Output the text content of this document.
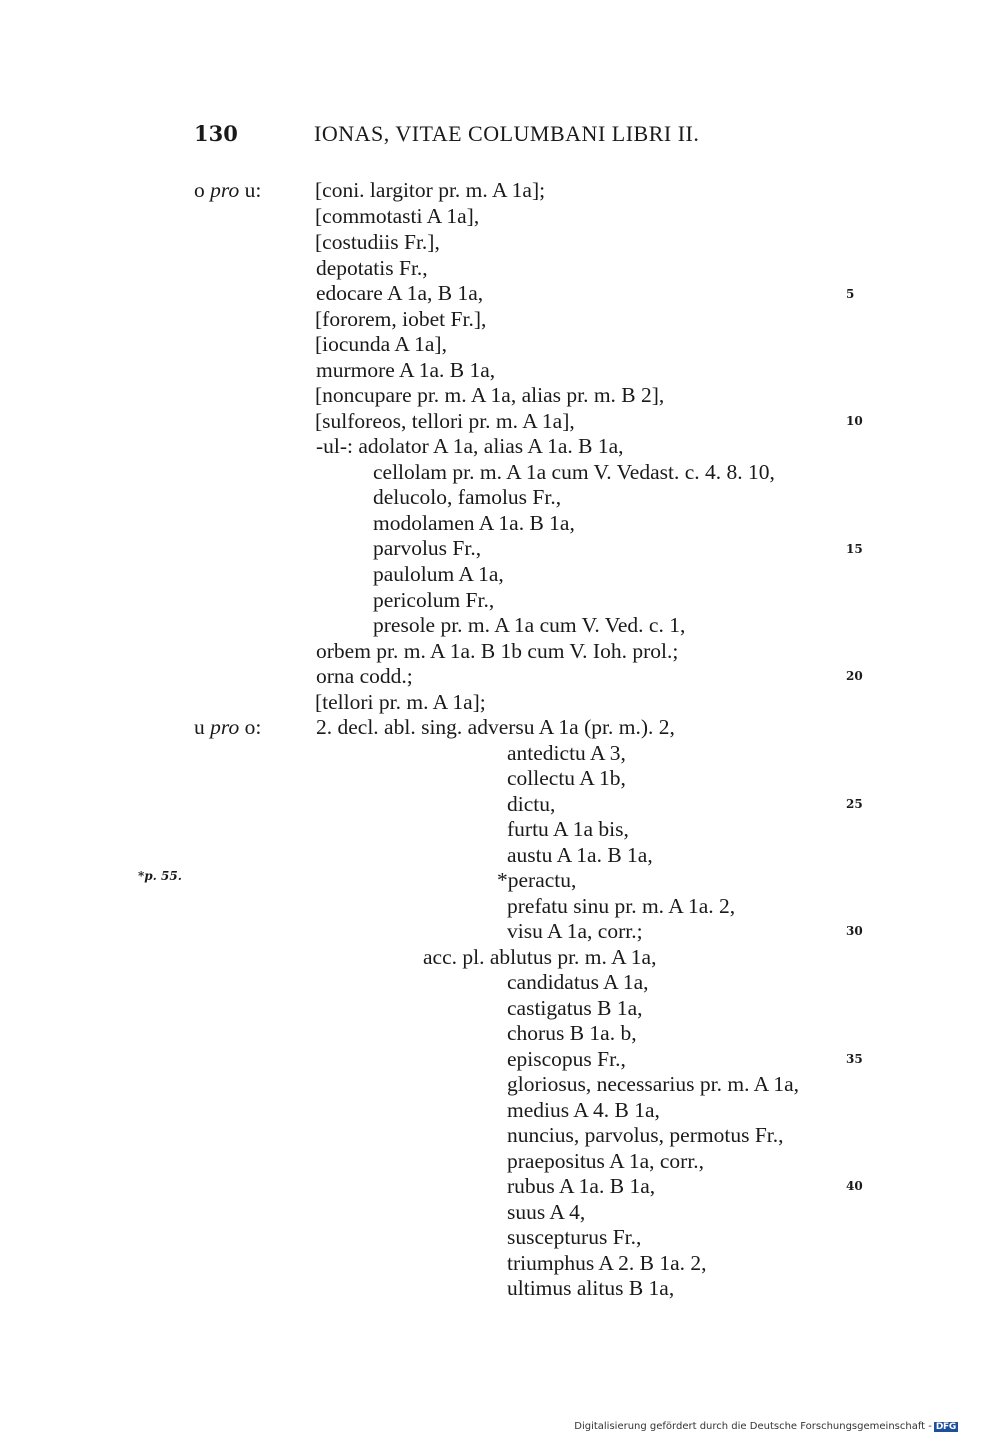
130	IONAS, VITAE COLUMBANI LIBRI II.
o pro u:
u pro o:
[coni. largitor pr. m. A 1a];
[commotasti A 1a],
[costudiis Fr.],
depotatis Fr.,
edocare A 1a, B 1a,
[fororem, iobet Fr.],
[iocunda A 1a],
murmore A 1a. B 1a,
[noncupare pr. m. A 1a, alias pr. m. B 2],
[sulforeos, tellori pr. m. A 1a],
-ul-: adolator A 1a, alias A 1a. B 1a,
cellolam pr. m. A 1a cum V. Vedast. c. 4. 8. 10,
delucolo, famolus Fr.,
modolamen A 1a. B 1a,
parvolus Fr.,
paulolum A 1a,
pericolum Fr.,
presole pr. m. A 1a cum V. Ved. c. 1,
orbem pr. m. A 1a. B 1b cum V. Ioh. prol.;
orna codd.;
[tellori pr. m. A 1a];
2. decl. abl. sing. adversu A 1a (pr. m.). 2,
antedictu A 3,
collectu A 1b,
dictu,
furtu A 1a bis,
austu A 1a. B 1a,
*peractu,
prefatu sinu pr. m. A 1a. 2,
visu A 1a, corr.;
acc. pl. ablutus pr. m. A 1a,
candidatus A 1a,
castigatus B 1a,
chorus B 1a. b,
episcopus Fr.,
gloriosus, necessarius pr. m. A 1a,
medius A 4. B 1a,
nuncius, parvolus, permotus Fr.,
praepositus A 1a, corr.,
rubus A 1a. B 1a,
suus A 4,
suscepturus Fr.,
triumphus A 2. B 1a. 2,
ultimus alitus B 1a,
5
10
15
20
25
30
35
40
*p. 55.
Digitalisierung gefördert durch die Deutsche Forschungsgemeinschaft - DFG
